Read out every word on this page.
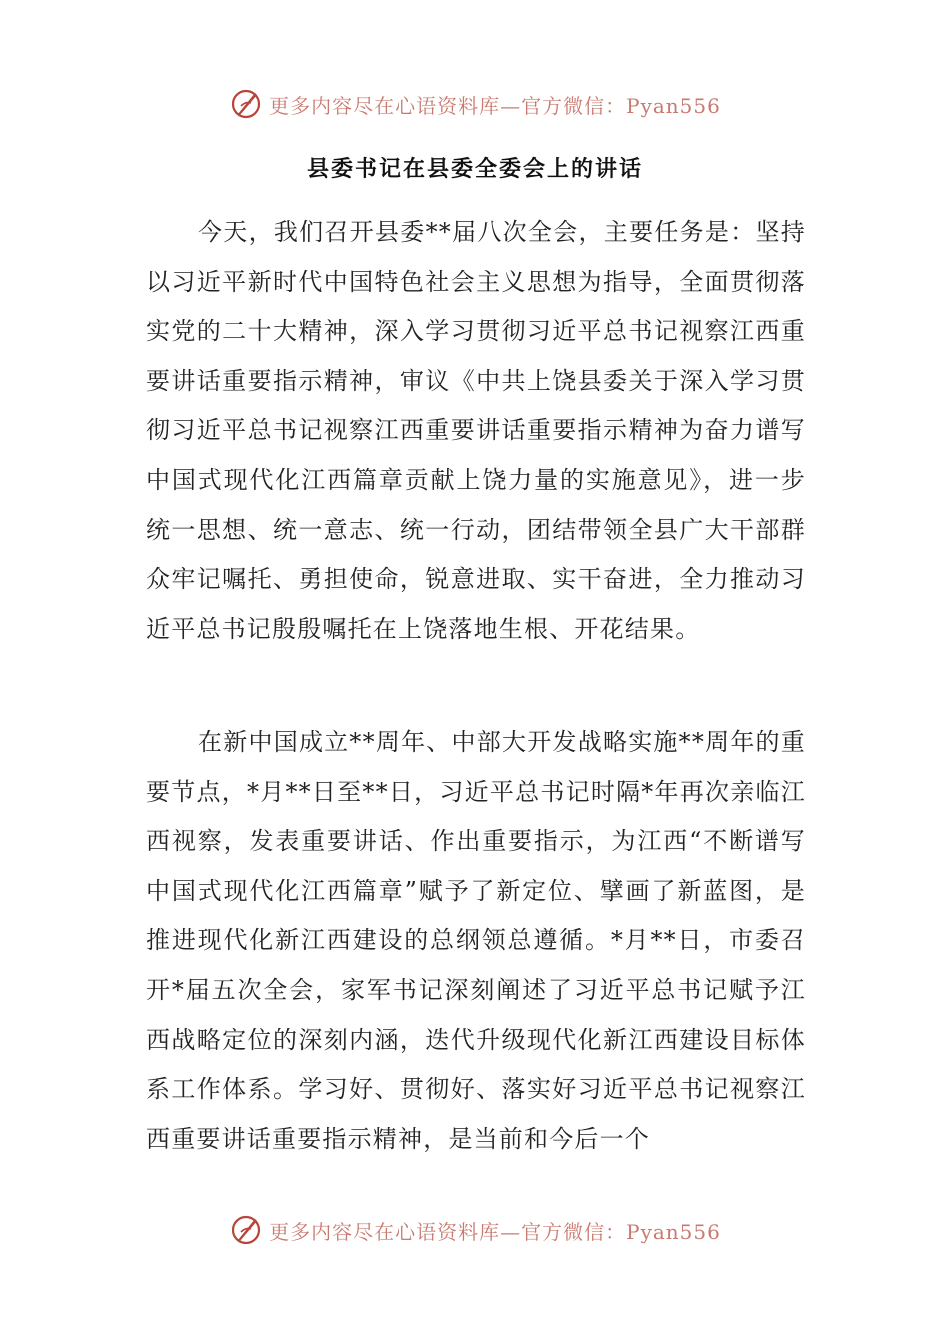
更多内容尽在心语资料库—官方微信：Pyan556
县委书记在县委全委会上的讲话

今天，我们召开县委**届八次全会，主要任务是：坚持以习近平新时代中国特色社会主义思想为指导，全面贯彻落实党的二十大精神，深入学习贯彻习近平总书记视察江西重要讲话重要指示精神，审议《中共上饶县委关于深入学习贯彻习近平总书记视察江西重要讲话重要指示精神为奋力谱写中国式现代化江西篇章贡献上饶力量的实施意见》，进一步统一思想、统一意志、统一行动，团结带领全县广大干部群众牢记嘱托、勇担使命，锐意进取、实干奋进，全力推动习近平总书记殷殷嘱托在上饶落地生根、开花结果。

在新中国成立**周年、中部大开发战略实施**周年的重要节点，*月**日至**日，习近平总书记时隔*年再次亲临江西视察，发表重要讲话、作出重要指示，为江西“不断谱写中国式现代化江西篇章”赋予了新定位、擘画了新蓝图，是推进现代化新江西建设的总纲领总遵循。*月**日，市委召开*届五次全会，家军书记深刻阐述了习近平总书记赋予江西战略定位的深刻内涵，迭代升级现代化新江西建设目标体系工作体系。学习好、贯彻好、落实好习近平总书记视察江西重要讲话重要指示精神，是当前和今后一个

更多内容尽在心语资料库—官方微信：Pyan556
